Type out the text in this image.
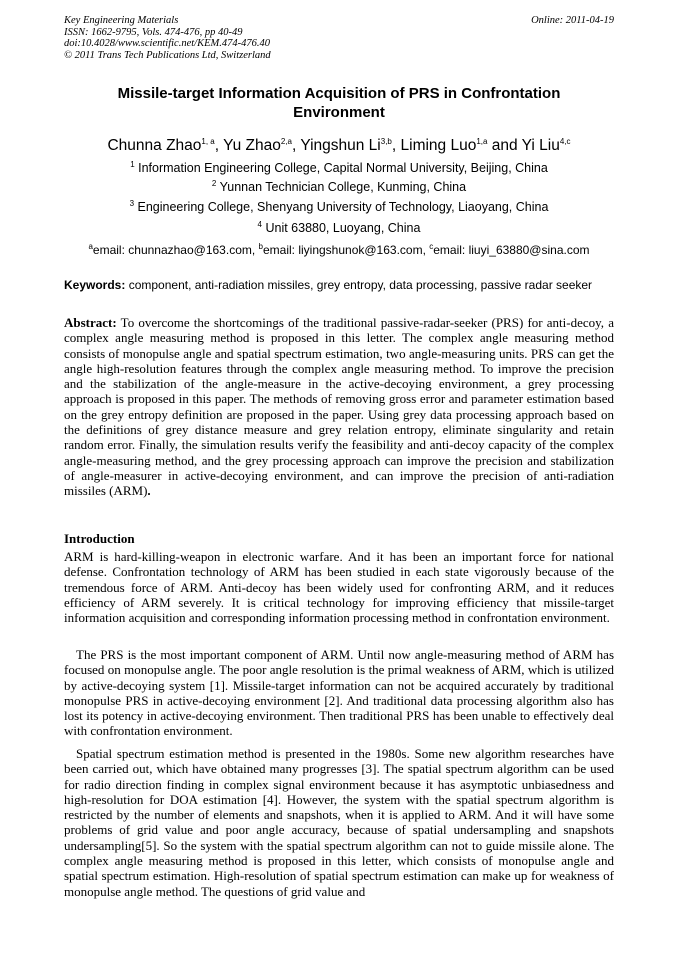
Key Engineering Materials
ISSN: 1662-9795, Vols. 474-476, pp 40-49
doi:10.4028/www.scientific.net/KEM.474-476.40
© 2011 Trans Tech Publications Ltd, Switzerland
Online: 2011-04-19
Missile-target Information Acquisition of PRS in Confrontation
Environment
Chunna Zhao$^{1, a}$, Yu Zhao$^{2,a}$, Yingshun Li$^{3,b}$, Liming Luo$^{1,a}$ and Yi Liu$^{4,c}$
$^1$ Information Engineering College, Capital Normal University, Beijing, China
$^2$ Yunnan Technician College, Kunming, China
$^3$ Engineering College, Shenyang University of Technology, Liaoyang, China
$^4$ Unit 63880, Luoyang, China
$^a$email: chunnazhao@163.com, $^b$email: liyingshunok@163.com, $^c$email: liuyi_63880@sina.com
Keywords: component, anti-radiation missiles, grey entropy, data processing, passive radar seeker

Abstract: To overcome the shortcomings of the traditional passive-radar-seeker (PRS) for anti-decoy, a complex angle measuring method is proposed in this letter. The complex angle measuring method consists of monopulse angle and spatial spectrum estimation, two angle-measuring units. PRS can get the angle high-resolution features through the complex angle measuring method. To improve the precision and the stabilization of the angle-measure in the active-decoying environment, a grey processing approach is proposed in this paper. The methods of removing gross error and parameter estimation based on the grey entropy definition are proposed in the paper. Using grey data processing approach based on the definitions of grey distance measure and grey relation entropy, eliminate singularity and retain random error. Finally, the simulation results verify the feasibility and anti-decoy capacity of the complex angle-measuring method, and the grey processing approach can improve the precision and stabilization of angle-measurer in active-decoying environment, and can improve the precision of anti-radiation missiles (ARM).

Introduction

ARM is hard-killing-weapon in electronic warfare. And it has been an important force for national defense. Confrontation technology of ARM has been studied in each state vigorously because of the tremendous force of ARM. Anti-decoy has been widely used for confronting ARM, and it reduces efficiency of ARM severely. It is critical technology for improving efficiency that missile-target information acquisition and corresponding information processing method in confrontation environment.

The PRS is the most important component of ARM. Until now angle-measuring method of ARM has focused on monopulse angle. The poor angle resolution is the primal weakness of ARM, which is utilized by active-decoying system [1]. Missile-target information can not be acquired accurately by traditional monopulse PRS in active-decoying environment [2]. And traditional data processing algorithm also has lost its potency in active-decoying environment. Then traditional PRS has been unable to effectively deal with confrontation environment.

Spatial spectrum estimation method is presented in the 1980s. Some new algorithm researches have been carried out, which have obtained many progresses [3]. The spatial spectrum algorithm can be used for radio direction finding in complex signal environment because it has asymptotic unbiasedness and high-resolution for DOA estimation [4]. However, the system with the spatial spectrum algorithm is restricted by the number of elements and snapshots, when it is applied to ARM. And it will have some problems of grid value and poor angle accuracy, because of spatial undersampling and snapshots undersampling[5]. So the system with the spatial spectrum algorithm can not to guide missile alone. The complex angle measuring method is proposed in this letter, which consists of monopulse angle and spatial spectrum estimation. High-resolution of spatial spectrum estimation can make up for weakness of monopulse angle method. The questions of grid value and
